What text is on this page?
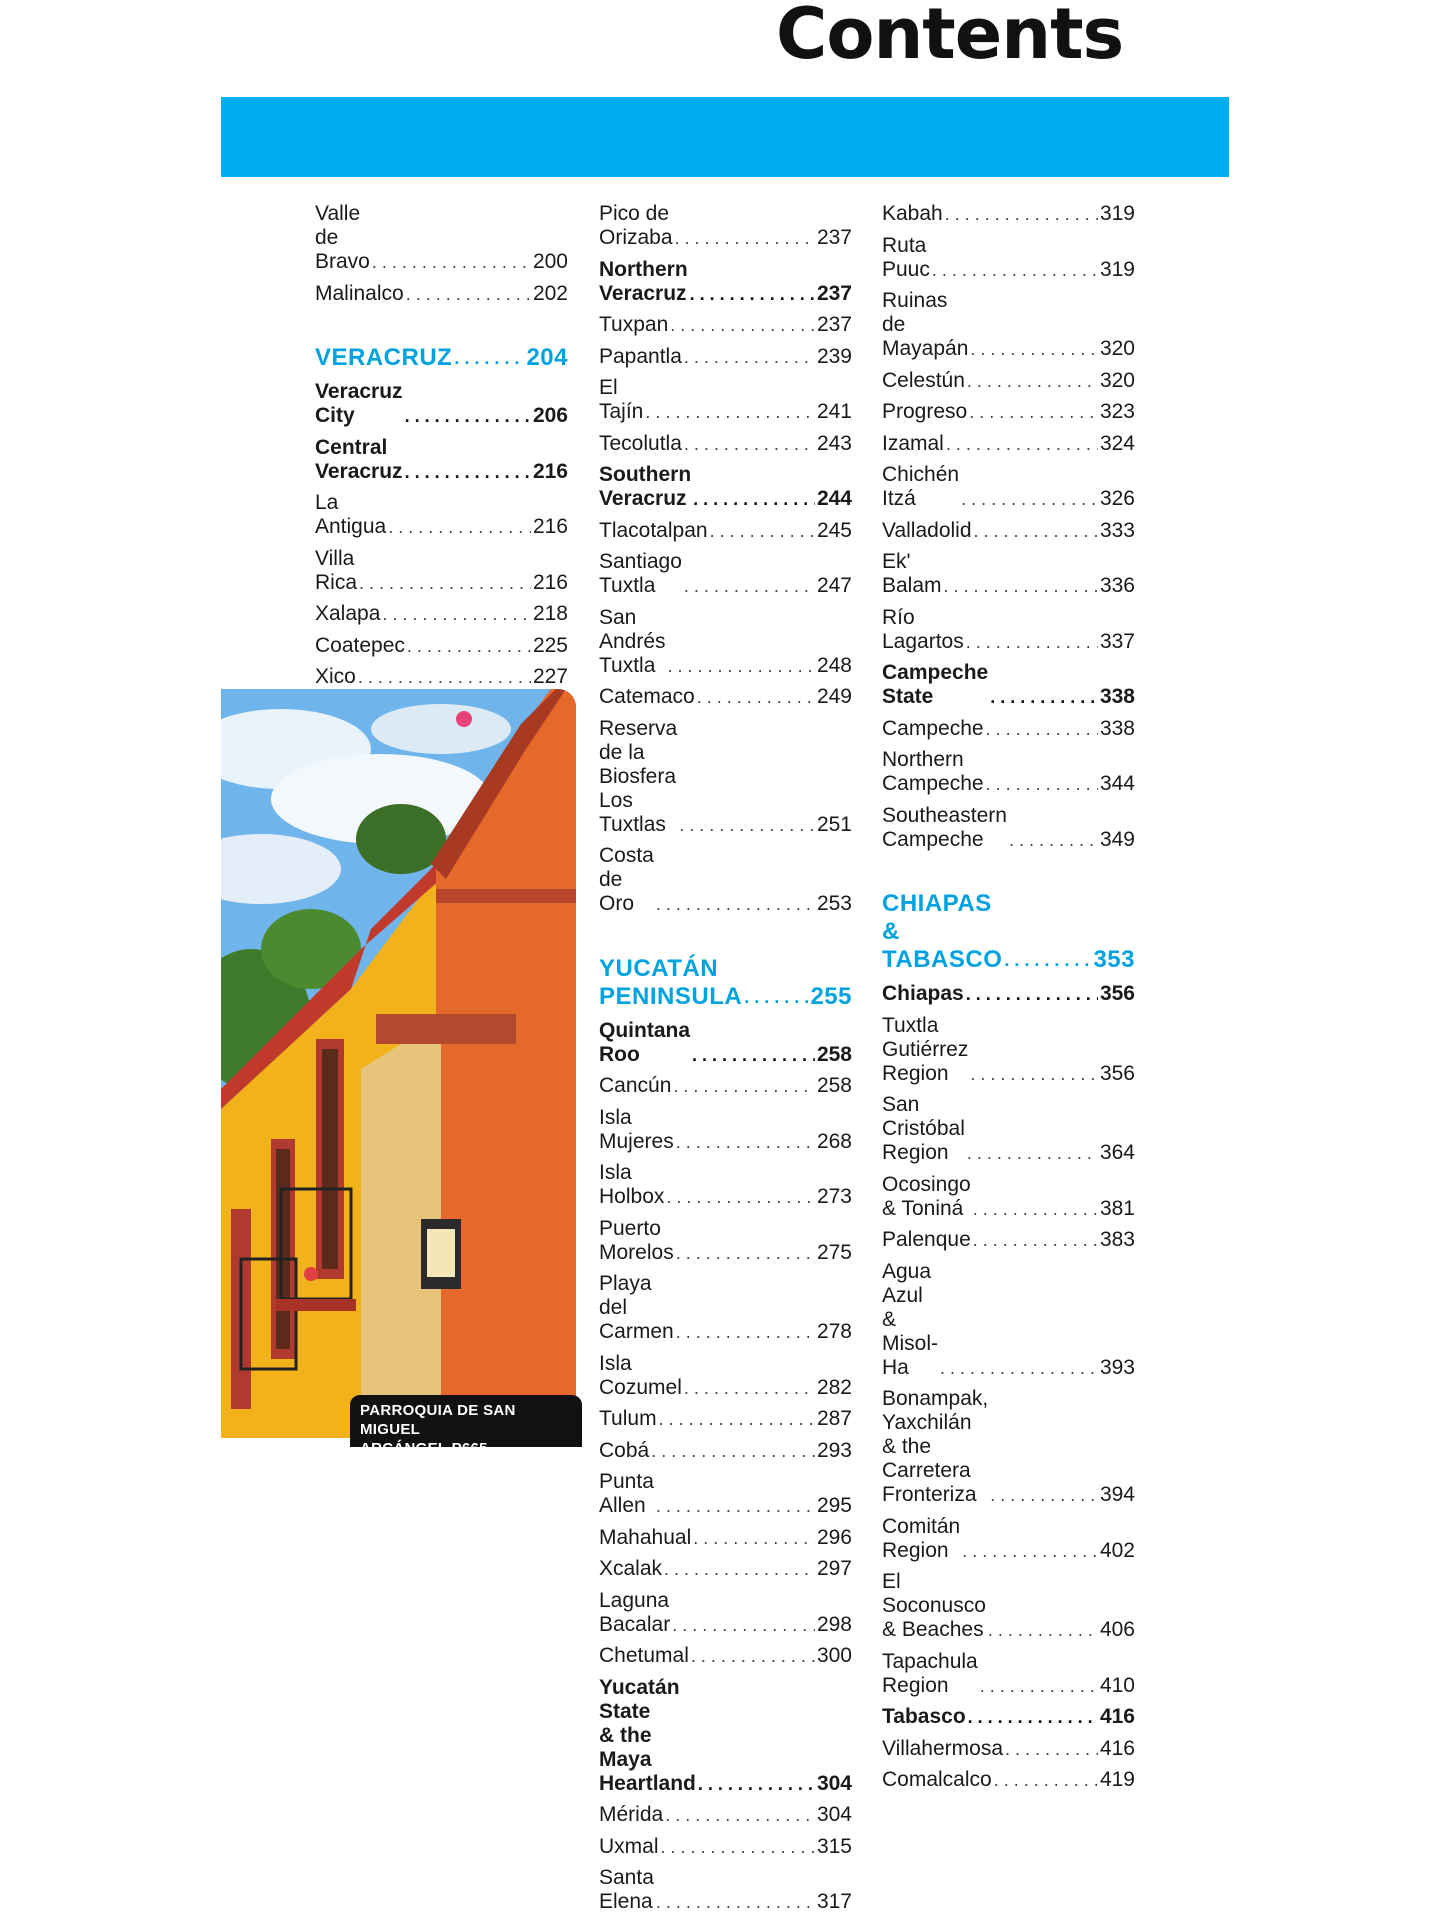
Contents
Valle de Bravo . . .	200
Malinalco . . .	202
VERACRUZ . . .	204
Veracruz City . . .	206
Central Veracruz . . .	216
La Antigua . . .	216
Villa Rica . . .	216
Xalapa . . .	218
Coatepec . . .	225
Xico . . .	227
. . .
. . .
. . .
. . .
Pico de Orizaba . . .	237
Northern
Veracruz . . .	237
Tuxpan . . .	237
Papantla . . .	239
El Tajín . . .	241
Tecolutla . . .	243
Southern
Veracruz . . .	244
Tlacotalpan . . .	245
Santiago Tuxtla . . .	247
San Andrés Tuxtla . . .	248
Catemaco . . .	249
Reserva de la Biosfera
Los Tuxtlas . . .	251
Costa de Oro . . .	253
YUCATÁN
PENINSULA . . .	255
Quintana Roo . . .	258
Cancún . . .	258
Isla Mujeres . . .	268
Isla Holbox . . .	273
Puerto Morelos . . .	275
Playa del Carmen . . .	278
Isla Cozumel . . .	282
Tulum . . .	287
Cobá . . .	293
Punta Allen . . .	295
Mahahual . . .	296
Xcalak . . .	297
Laguna Bacalar . . .	298
Chetumal . . .	300
Yucatán State
& the Maya
Heartland . . .	304
Mérida . . .	304
Uxmal . . .	315
Santa Elena . . .	317
Kabah . . .	319
Ruta Puuc . . .	319
Ruinas
de Mayapán . . .	320
Celestún . . .	320
Progreso . . .	323
Izamal . . .	324
Chichén Itzá . . .	326
Valladolid . . .	333
Ek' Balam . . .	336
Río Lagartos . . .	337
Campeche State . . .	338
Campeche . . .	338
Northern
Campeche . . .	344
Southeastern
Campeche . . .	349
CHIAPAS
& TABASCO . . .	353
Chiapas . . .	356
Tuxtla Gutiérrez
Region . . .	356
San Cristóbal
Region . . .	364
Ocosingo & Toniná . . .	381
Palenque . . .	383
Agua Azul
& Misol-Ha . . .	393
Bonampak, Yaxchilán
& the Carretera
Fronteriza . . .	394
Comitán Region . . .	402
El Soconusco
& Beaches . . .	406
Tapachula Region . . .	410
Tabasco . . .	416
Villahermosa . . .	416
Comalcalco . . .	419
PARROQUIA DE SAN MIGUEL
ARCÁNGEL P665
